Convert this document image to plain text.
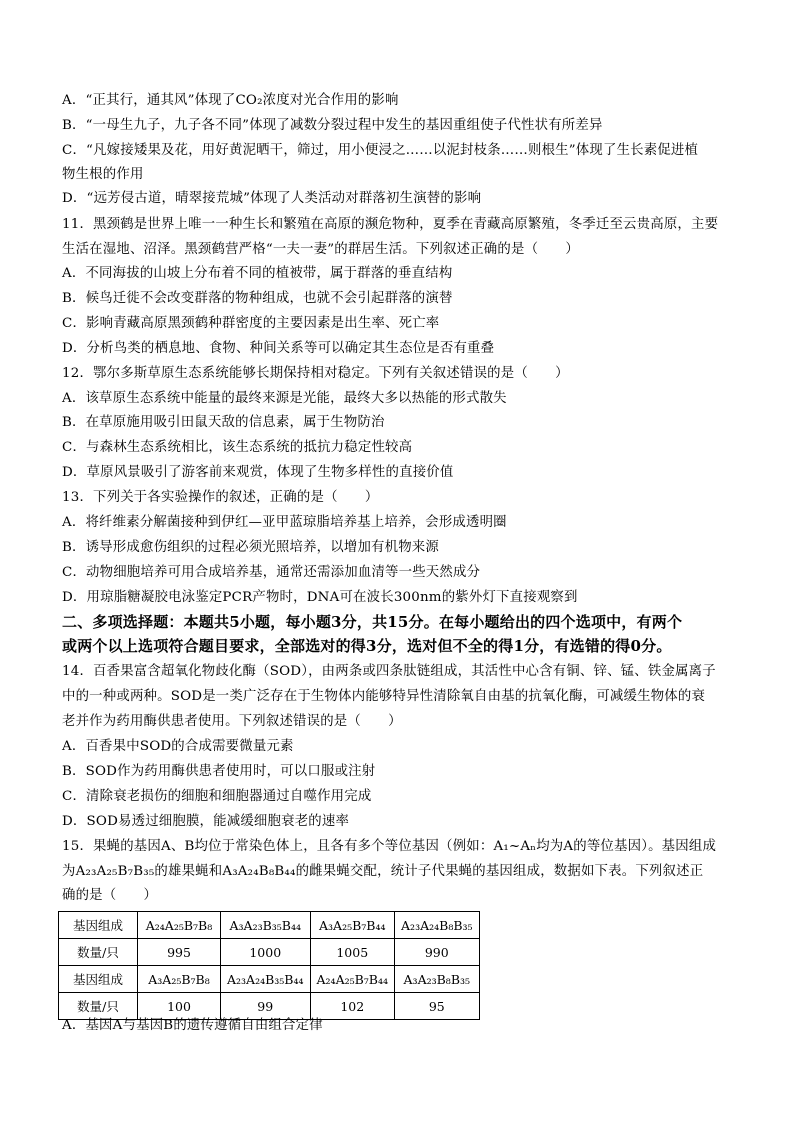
A．“正其行，通其风”体现了CO₂浓度对光合作用的影响
B．“一母生九子，九子各不同”体现了减数分裂过程中发生的基因重组使子代性状有所差异
C．“凡嫁接矮果及花，用好黄泥晒干，筛过，用小便浸之……以泥封枝条……则根生”体现了生长素促进植
物生根的作用
D．“远芳侵古道，晴翠接荒城”体现了人类活动对群落初生演替的影响
11．黑颈鹤是世界上唯一一种生长和繁殖在高原的濒危物种，夏季在青藏高原繁殖，冬季迁至云贵高原，主要
生活在湿地、沼泽。黑颈鹤营严格“一夫一妻”的群居生活。下列叙述正确的是（　　）
A．不同海拔的山坡上分布着不同的植被带，属于群落的垂直结构
B．候鸟迁徙不会改变群落的物种组成，也就不会引起群落的演替
C．影响青藏高原黑颈鹤种群密度的主要因素是出生率、死亡率
D．分析鸟类的栖息地、食物、种间关系等可以确定其生态位是否有重叠
12．鄂尔多斯草原生态系统能够长期保持相对稳定。下列有关叙述错误的是（　　）
A．该草原生态系统中能量的最终来源是光能，最终大多以热能的形式散失
B．在草原施用吸引田鼠天敌的信息素，属于生物防治
C．与森林生态系统相比，该生态系统的抵抗力稳定性较高
D．草原风景吸引了游客前来观赏，体现了生物多样性的直接价值
13．下列关于各实验操作的叙述，正确的是（　　）
A．将纤维素分解菌接种到伊红—亚甲蓝琼脂培养基上培养，会形成透明圈
B．诱导形成愈伤组织的过程必须光照培养，以增加有机物来源
C．动物细胞培养可用合成培养基，通常还需添加血清等一些天然成分
D．用琼脂糖凝胶电泳鉴定PCR产物时，DNA可在波长300nm的紫外灯下直接观察到
二、多项选择题：本题共5小题，每小题3分，共15分。在每小题给出的四个选项中，有两个
或两个以上选项符合题目要求，全部选对的得3分，选对但不全的得1分，有选错的得0分。
14．百香果富含超氧化物歧化酶（SOD），由两条或四条肽链组成，其活性中心含有铜、锌、锰、铁金属离子
中的一种或两种。SOD是一类广泛存在于生物体内能够特异性清除氧自由基的抗氧化酶，可减缓生物体的衰
老并作为药用酶供患者使用。下列叙述错误的是（　　）
A．百香果中SOD的合成需要微量元素
B．SOD作为药用酶供患者使用时，可以口服或注射
C．清除衰老损伤的细胞和细胞器通过自噬作用完成
D．SOD易透过细胞膜，能减缓细胞衰老的速率
15．果蝇的基因A、B均位于常染色体上，且各有多个等位基因（例如：A₁~Aₙ均为A的等位基因）。基因组成
为A₂₃A₂₅B₇B₃₅的雄果蝇和A₃A₂₄B₈B₄₄的雌果蝇交配，统计子代果蝇的基因组成，数据如下表。下列叙述正
确的是（　　）
基因组成	A₂₄A₂₅B₇B₈	A₃A₂₃B₃₅B₄₄	A₃A₂₅B₇B₄₄	A₂₃A₂₄B₈B₃₅
数量/只	995	1000	1005	990
基因组成	A₃A₂₅B₇B₈	A₂₃A₂₄B₃₅B₄₄	A₂₄A₂₅B₇B₄₄	A₃A₂₃B₈B₃₅
数量/只	100	99	102	95
A．基因A与基因B的遗传遵循自由组合定律
